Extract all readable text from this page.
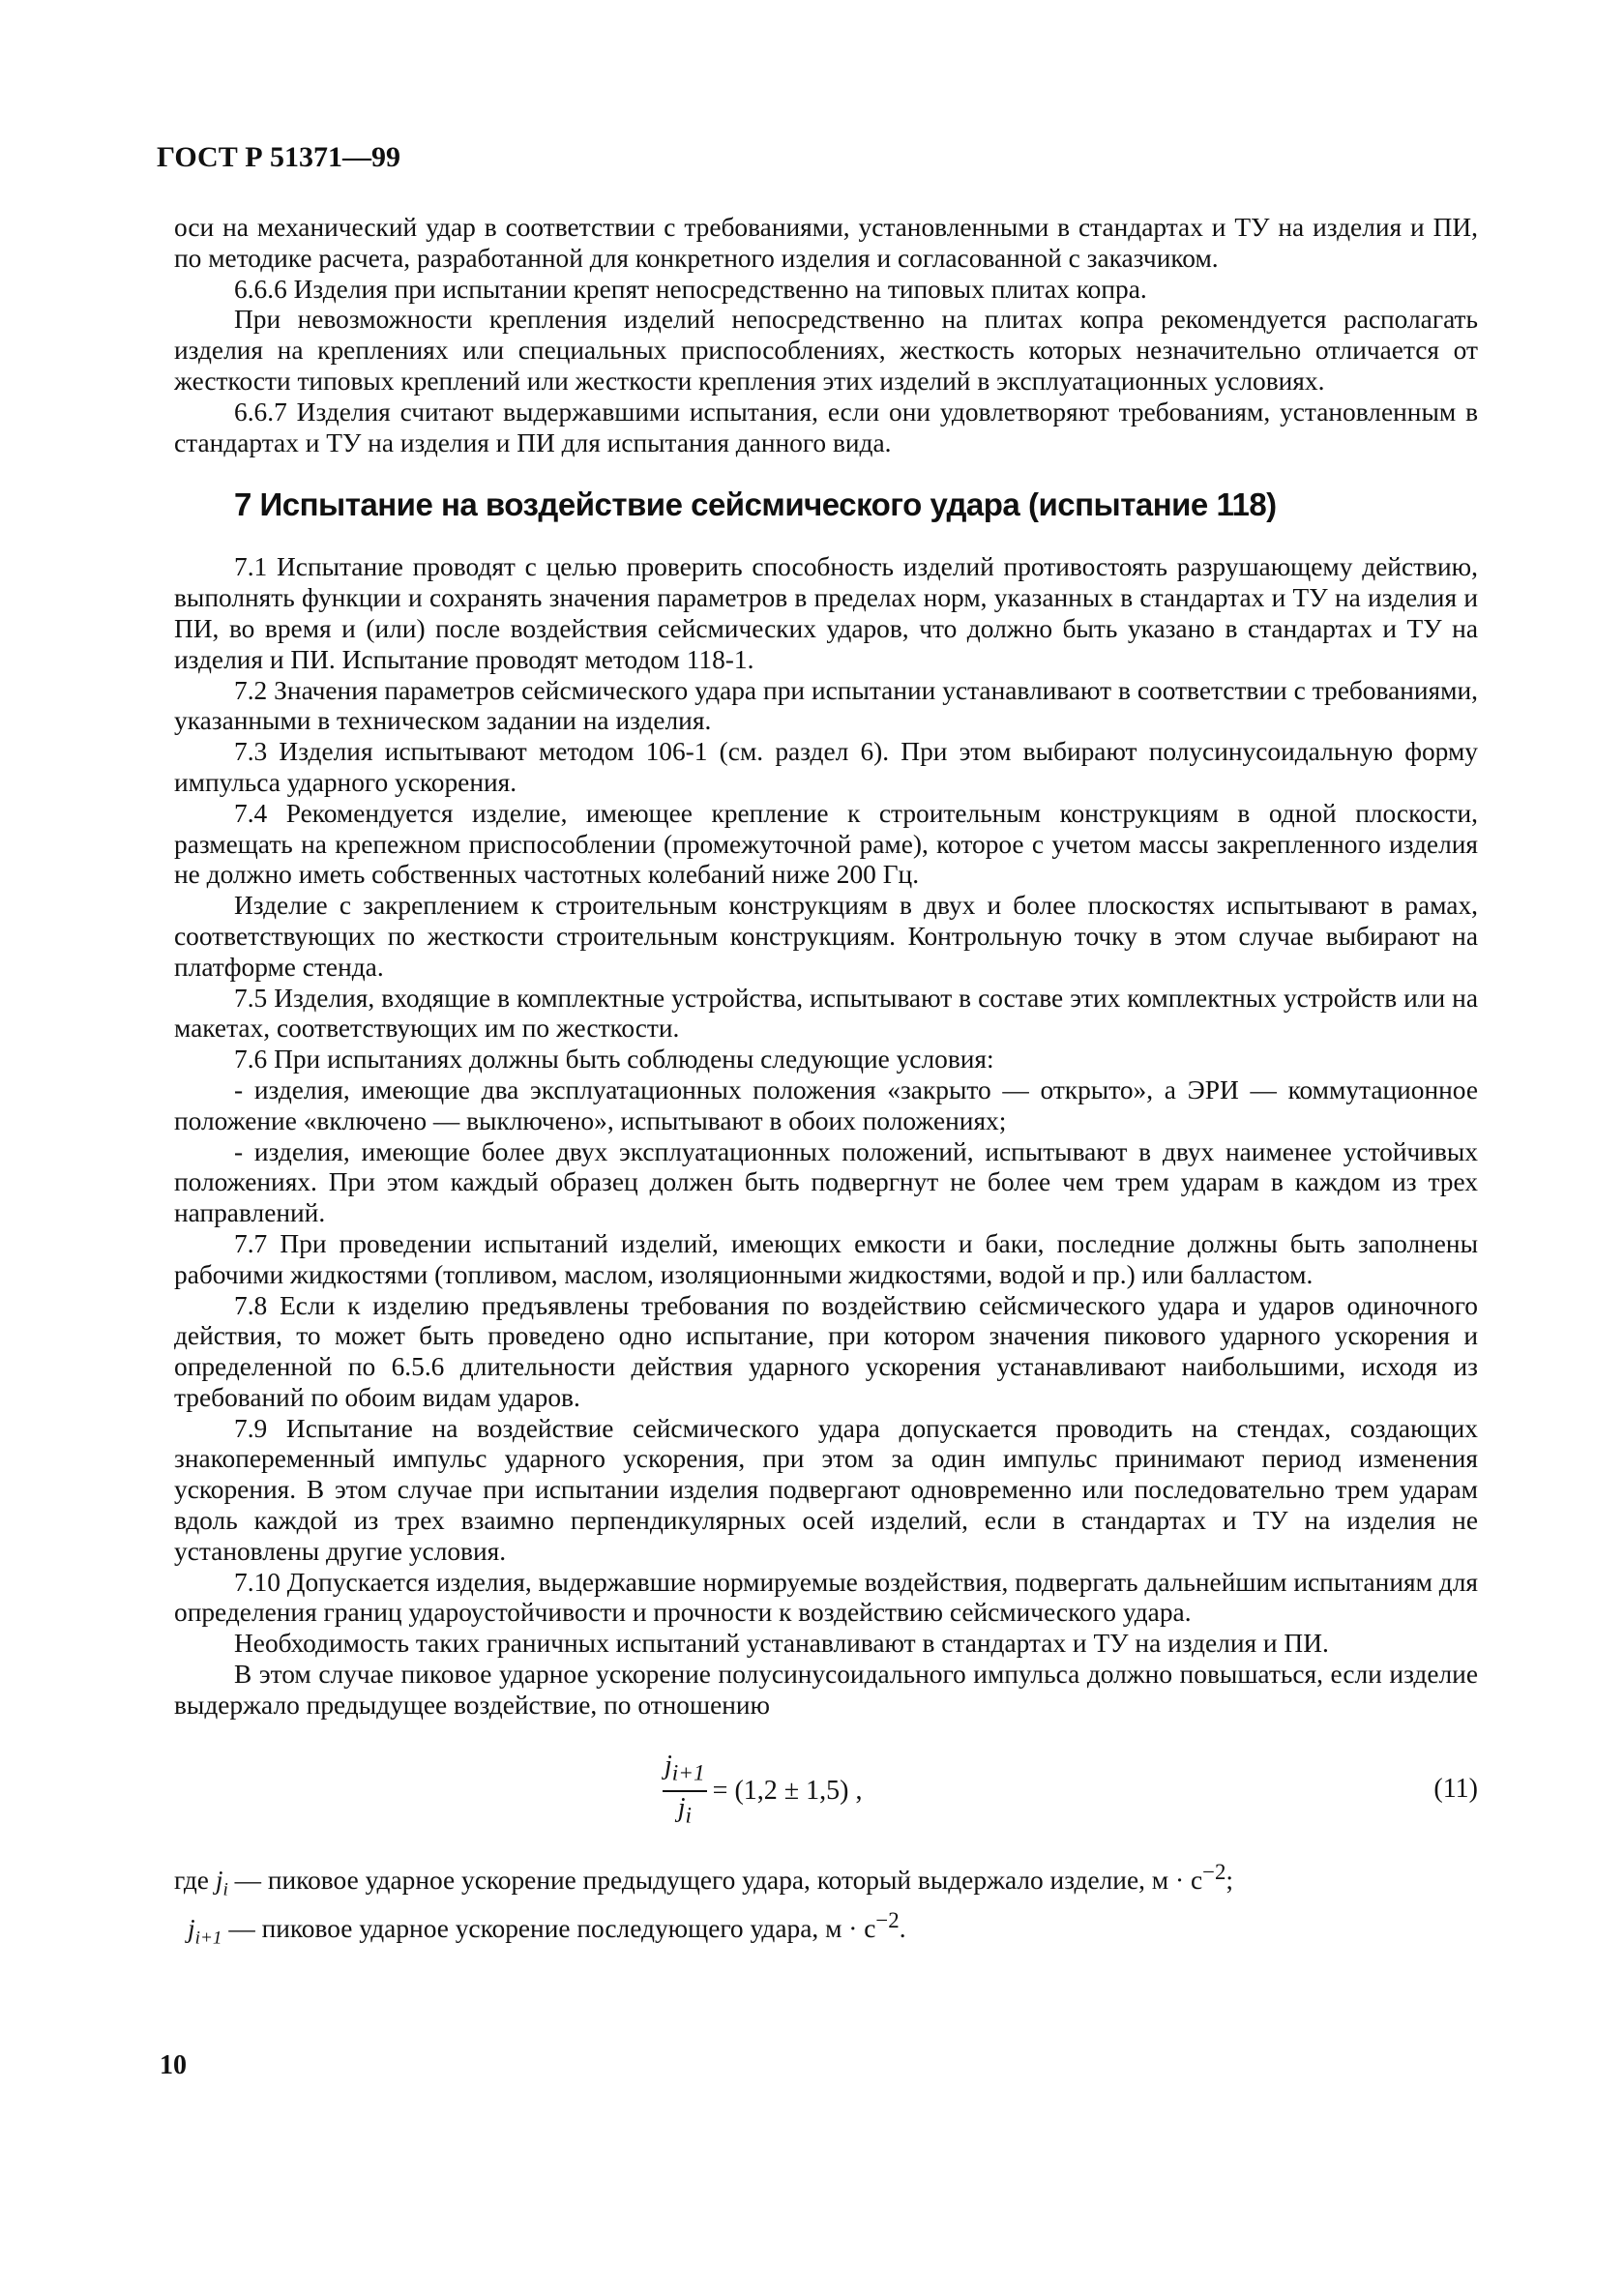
ГОСТ Р 51371—99

оси на механический удар в соответствии с требованиями, установленными в стандартах и ТУ на изделия и ПИ, по методике расчета, разработанной для конкретного изделия и согласованной с заказчиком.

6.6.6 Изделия при испытании крепят непосредственно на типовых плитах копра.

При невозможности крепления изделий непосредственно на плитах копра рекомендуется располагать изделия на креплениях или специальных приспособлениях, жесткость которых незначительно отличается от жесткости типовых креплений или жесткости крепления этих изделий в эксплуатационных условиях.

6.6.7 Изделия считают выдержавшими испытания, если они удовлетворяют требованиям, установленным в стандартах и ТУ на изделия и ПИ для испытания данного вида.

7 Испытание на воздействие сейсмического удара (испытание 118)

7.1 Испытание проводят с целью проверить способность изделий противостоять разрушающему действию, выполнять функции и сохранять значения параметров в пределах норм, указанных в стандартах и ТУ на изделия и ПИ, во время и (или) после воздействия сейсмических ударов, что должно быть указано в стандартах и ТУ на изделия и ПИ. Испытание проводят методом 118-1.

7.2 Значения параметров сейсмического удара при испытании устанавливают в соответствии с требованиями, указанными в техническом задании на изделия.

7.3 Изделия испытывают методом 106-1 (см. раздел 6). При этом выбирают полусинусоидальную форму импульса ударного ускорения.

7.4 Рекомендуется изделие, имеющее крепление к строительным конструкциям в одной плоскости, размещать на крепежном приспособлении (промежуточной раме), которое с учетом массы закрепленного изделия не должно иметь собственных частотных колебаний ниже 200 Гц.

Изделие с закреплением к строительным конструкциям в двух и более плоскостях испытывают в рамах, соответствующих по жесткости строительным конструкциям. Контрольную точку в этом случае выбирают на платформе стенда.

7.5 Изделия, входящие в комплектные устройства, испытывают в составе этих комплектных устройств или на макетах, соответствующих им по жесткости.

7.6 При испытаниях должны быть соблюдены следующие условия:

- изделия, имеющие два эксплуатационных положения «закрыто — открыто», а ЭРИ — коммутационное положение «включено — выключено», испытывают в обоих положениях;

- изделия, имеющие более двух эксплуатационных положений, испытывают в двух наименее устойчивых положениях. При этом каждый образец должен быть подвергнут не более чем трем ударам в каждом из трех направлений.

7.7 При проведении испытаний изделий, имеющих емкости и баки, последние должны быть заполнены рабочими жидкостями (топливом, маслом, изоляционными жидкостями, водой и пр.) или балластом.

7.8 Если к изделию предъявлены требования по воздействию сейсмического удара и ударов одиночного действия, то может быть проведено одно испытание, при котором значения пикового ударного ускорения и определенной по 6.5.6 длительности действия ударного ускорения устанавливают наибольшими, исходя из требований по обоим видам ударов.

7.9 Испытание на воздействие сейсмического удара допускается проводить на стендах, создающих знакопеременный импульс ударного ускорения, при этом за один импульс принимают период изменения ускорения. В этом случае при испытании изделия подвергают одновременно или последовательно трем ударам вдоль каждой из трех взаимно перпендикулярных осей изделий, если в стандартах и ТУ на изделия не установлены другие условия.

7.10 Допускается изделия, выдержавшие нормируемые воздействия, подвергать дальнейшим испытаниям для определения границ удароустойчивости и прочности к воздействию сейсмического удара.

Необходимость таких граничных испытаний устанавливают в стандартах и ТУ на изделия и ПИ.

В этом случае пиковое ударное ускорение полусинусоидального импульса должно повышаться, если изделие выдержало предыдущее воздействие, по отношению

$\frac{j_{i+1}}{j_i} = (1,2 \pm 1,5)$ ,	(11)

где $j_i$ — пиковое ударное ускорение предыдущего удара, который выдержало изделие, $м \cdot с^{-2}$;

$j_{i+1}$ — пиковое ударное ускорение последующего удара, $м \cdot с^{-2}$.

10
